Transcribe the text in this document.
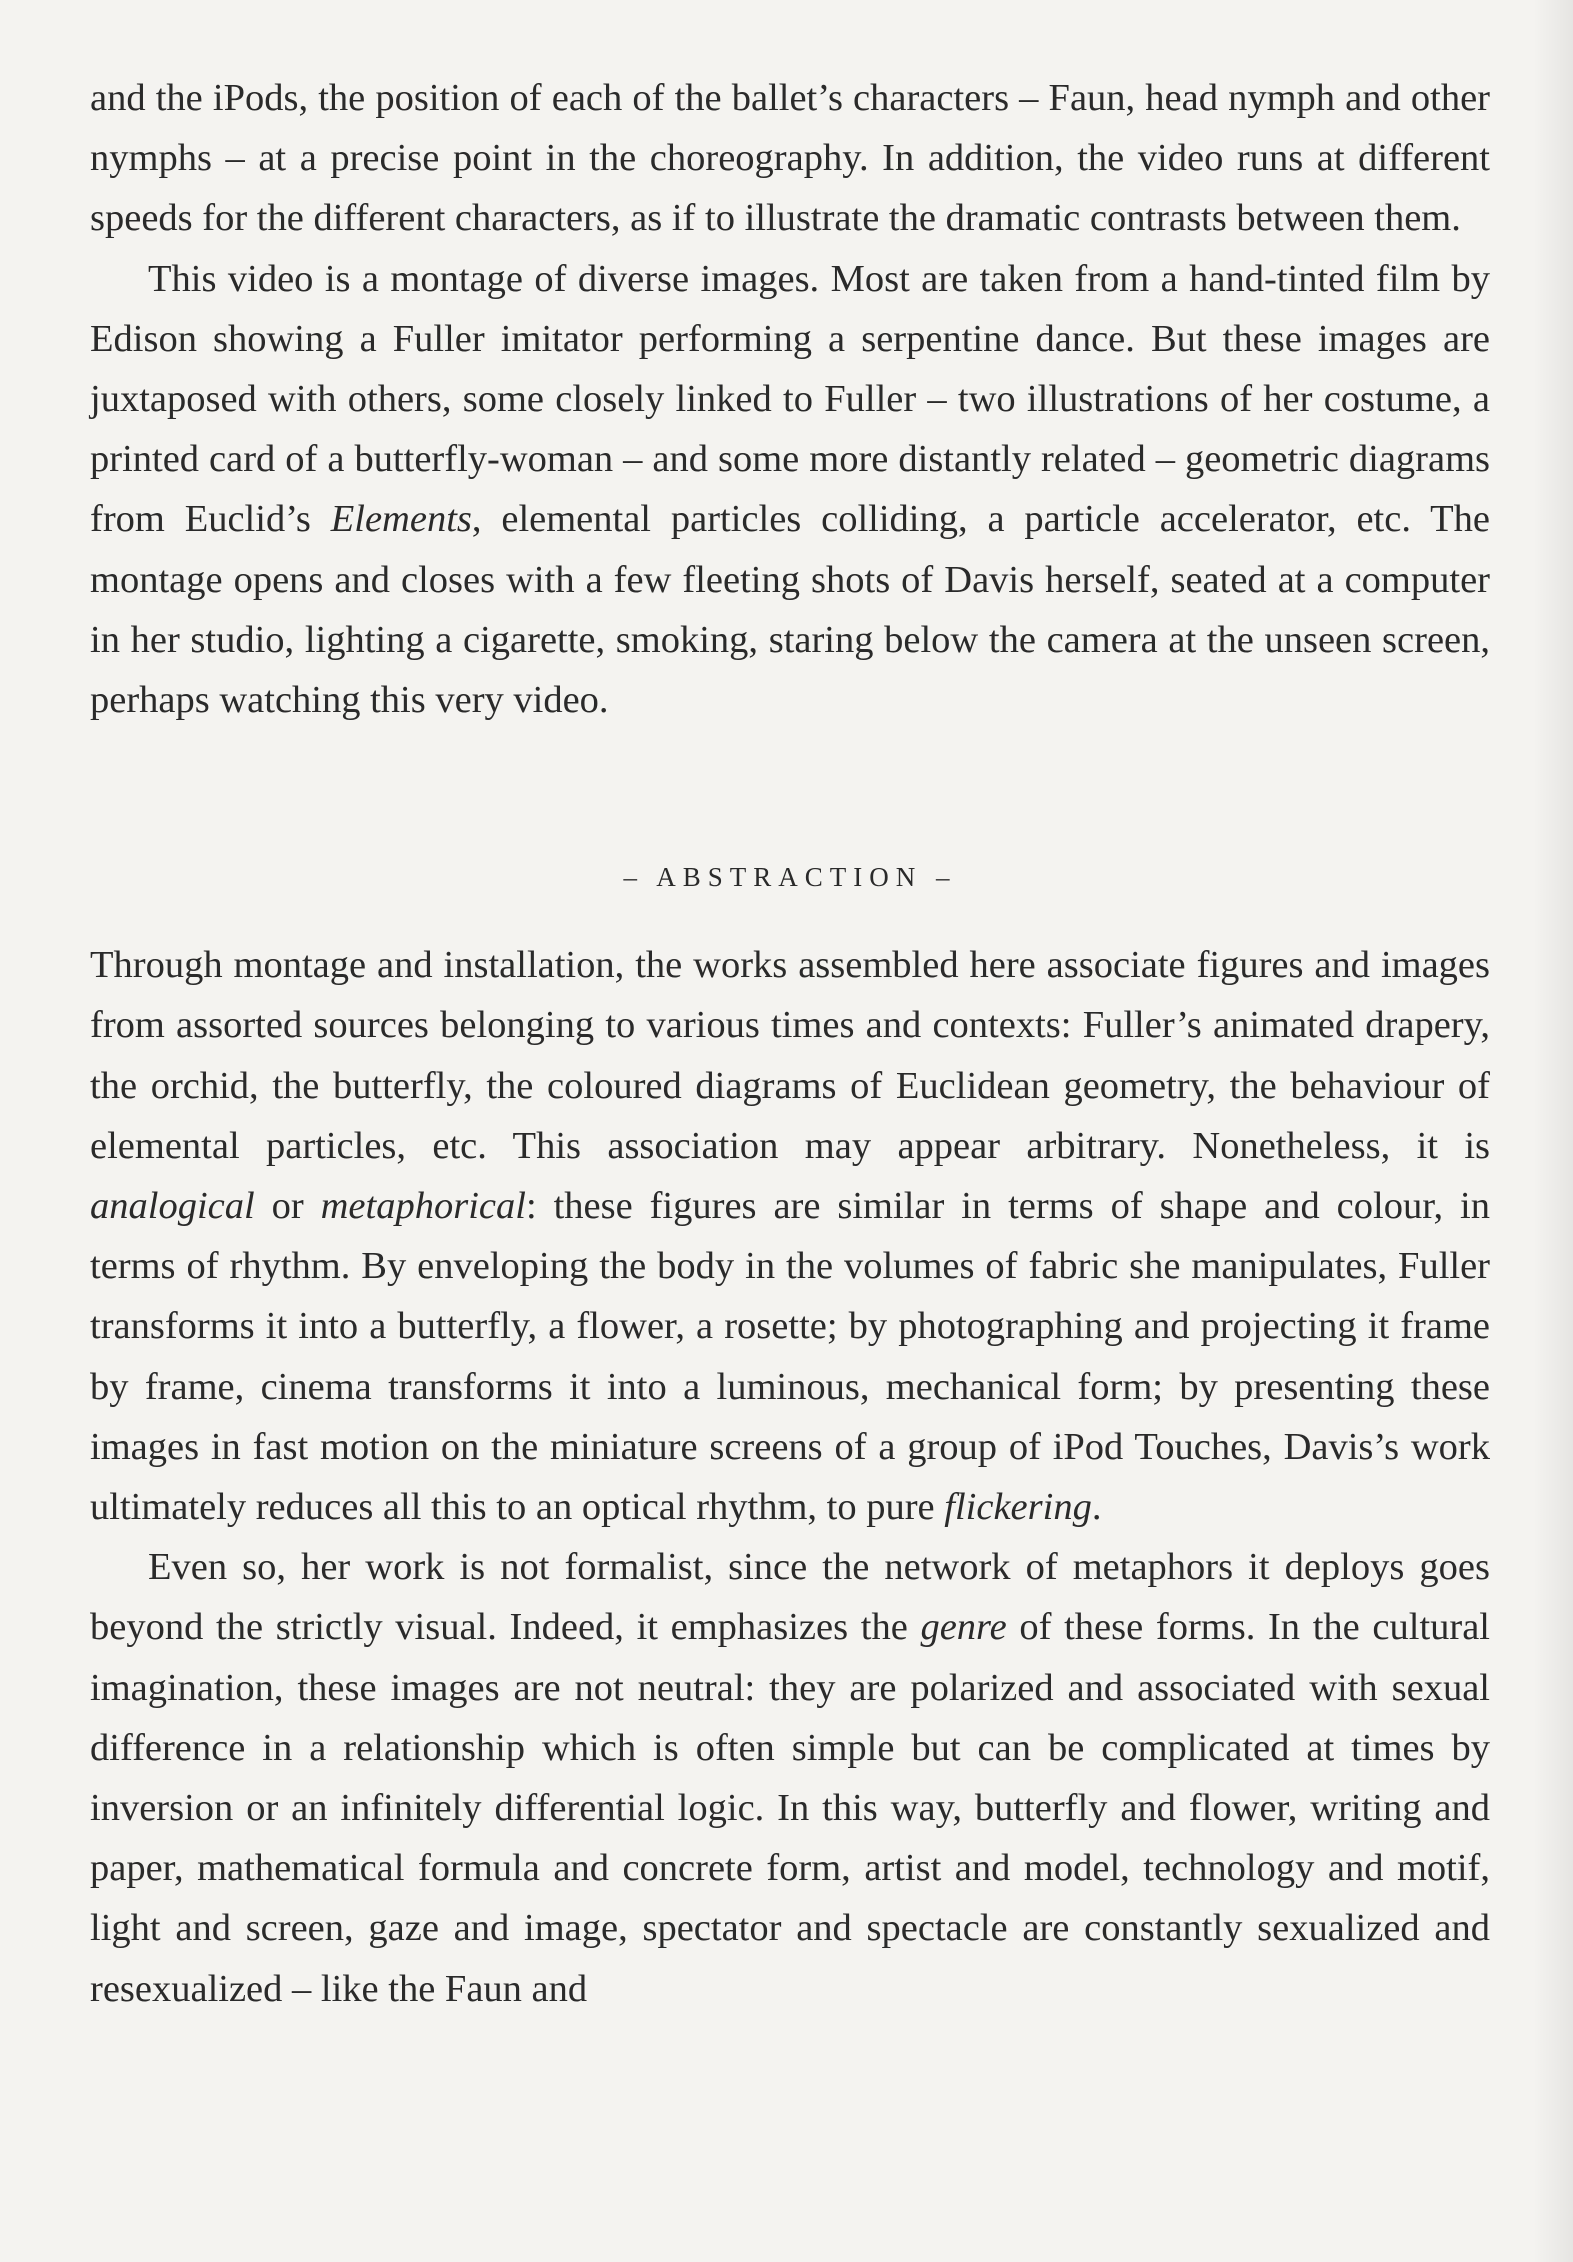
and the iPods, the position of each of the ballet’s characters – Faun, head nymph and other nymphs – at a precise point in the choreography. In addition, the video runs at different speeds for the different characters, as if to illustrate the dramatic contrasts between them.

This video is a montage of diverse images. Most are taken from a hand-tinted film by Edison showing a Fuller imitator performing a serpentine dance. But these images are juxtaposed with others, some closely linked to Fuller – two illustrations of her costume, a printed card of a butterfly-woman – and some more distantly related – geometric diagrams from Euclid’s Elements, elemental particles colliding, a particle accelerator, etc. The montage opens and closes with a few fleeting shots of Davis herself, seated at a computer in her studio, lighting a cigarette, smoking, staring below the camera at the unseen screen, perhaps watching this very video.

– ABSTRACTION –

Through montage and installation, the works assembled here associate figures and images from assorted sources belonging to various times and contexts: Fuller’s animated drapery, the orchid, the butterfly, the coloured diagrams of Euclidean geometry, the behaviour of elemental particles, etc. This association may appear arbitrary. Nonetheless, it is analogical or metaphorical: these figures are similar in terms of shape and colour, in terms of rhythm. By enveloping the body in the volumes of fabric she manipulates, Fuller transforms it into a butterfly, a flower, a rosette; by photographing and projecting it frame by frame, cinema transforms it into a luminous, mechanical form; by presenting these images in fast motion on the miniature screens of a group of iPod Touches, Davis’s work ultimately reduces all this to an optical rhythm, to pure flickering.

Even so, her work is not formalist, since the network of metaphors it deploys goes beyond the strictly visual. Indeed, it emphasizes the genre of these forms. In the cultural imagination, these images are not neutral: they are polarized and associated with sexual difference in a relationship which is often simple but can be complicated at times by inversion or an infinitely differential logic. In this way, butterfly and flower, writing and paper, mathematical formula and concrete form, artist and model, technology and motif, light and screen, gaze and image, spectator and spectacle are constantly sexualized and resexualized – like the Faun and
